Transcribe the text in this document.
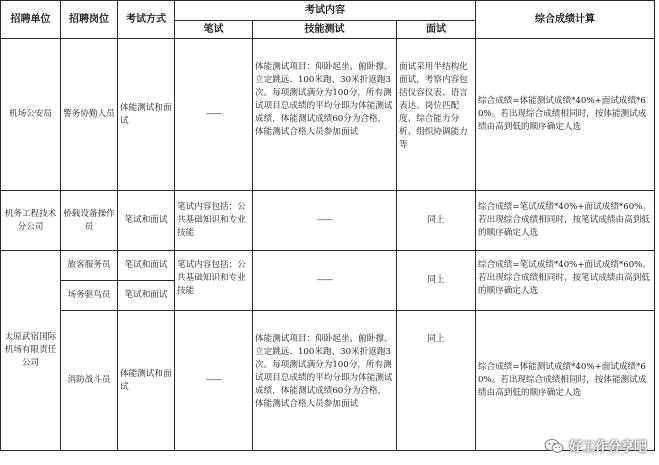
招聘单位	招聘岗位	考试方式	考试内容			综合成绩计算
			笔试	技能测试	面试	
机场公安局	警务协勤人员	体能测试和面试	——	体能测试项目：仰卧起坐、俯卧撑、立定跳远、100米跑、30米折返跑3次。每项测试满分为100分，所有测试项目总成绩的平均分即为体能测试成绩，体能测试成绩60分为合格，体能测试合格人员参加面试	面试采用半结构化面试，考察内容包括仪容仪表、语言表达、岗位匹配度、综合能力分析、组织协调能力等	综合成绩=体能测试成绩*40%+面试成绩*60%。若出现综合成绩相同时，按体能测试成绩由高到低的顺序确定人选
机务工程技术分公司	桥载设备操作员	笔试和面试	笔试内容包括：公共基础知识和专业技能	——	同上	综合成绩=笔试成绩*40%+面试成绩*60%。若出现综合成绩相同时，按笔试成绩由高到低的顺序确定人选
太原武宿国际机场有限责任公司	旅客服务员	笔试和面试	笔试内容包括：公共基础知识和专业技能	——	同上	综合成绩=笔试成绩*40%+面试成绩*60%。若出现综合成绩相同时，按笔试成绩由高到低的顺序确定人选
	场务驱鸟员	笔试和面试				
	消防战斗员	体能测试和面试	——	体能测试项目：仰卧起坐、俯卧撑、立定跳远、100米跑、30米折返跑3次。每项测试满分为100分，所有测试项目总成绩的平均分即为体能测试成绩，体能测试成绩60分为合格，体能测试合格人员参加面试	同上	综合成绩=体能测试成绩*40%+面试成绩*60%。若出现综合成绩相同时，按体能测试成绩由高到低的顺序确定人选
好工作分享吧
